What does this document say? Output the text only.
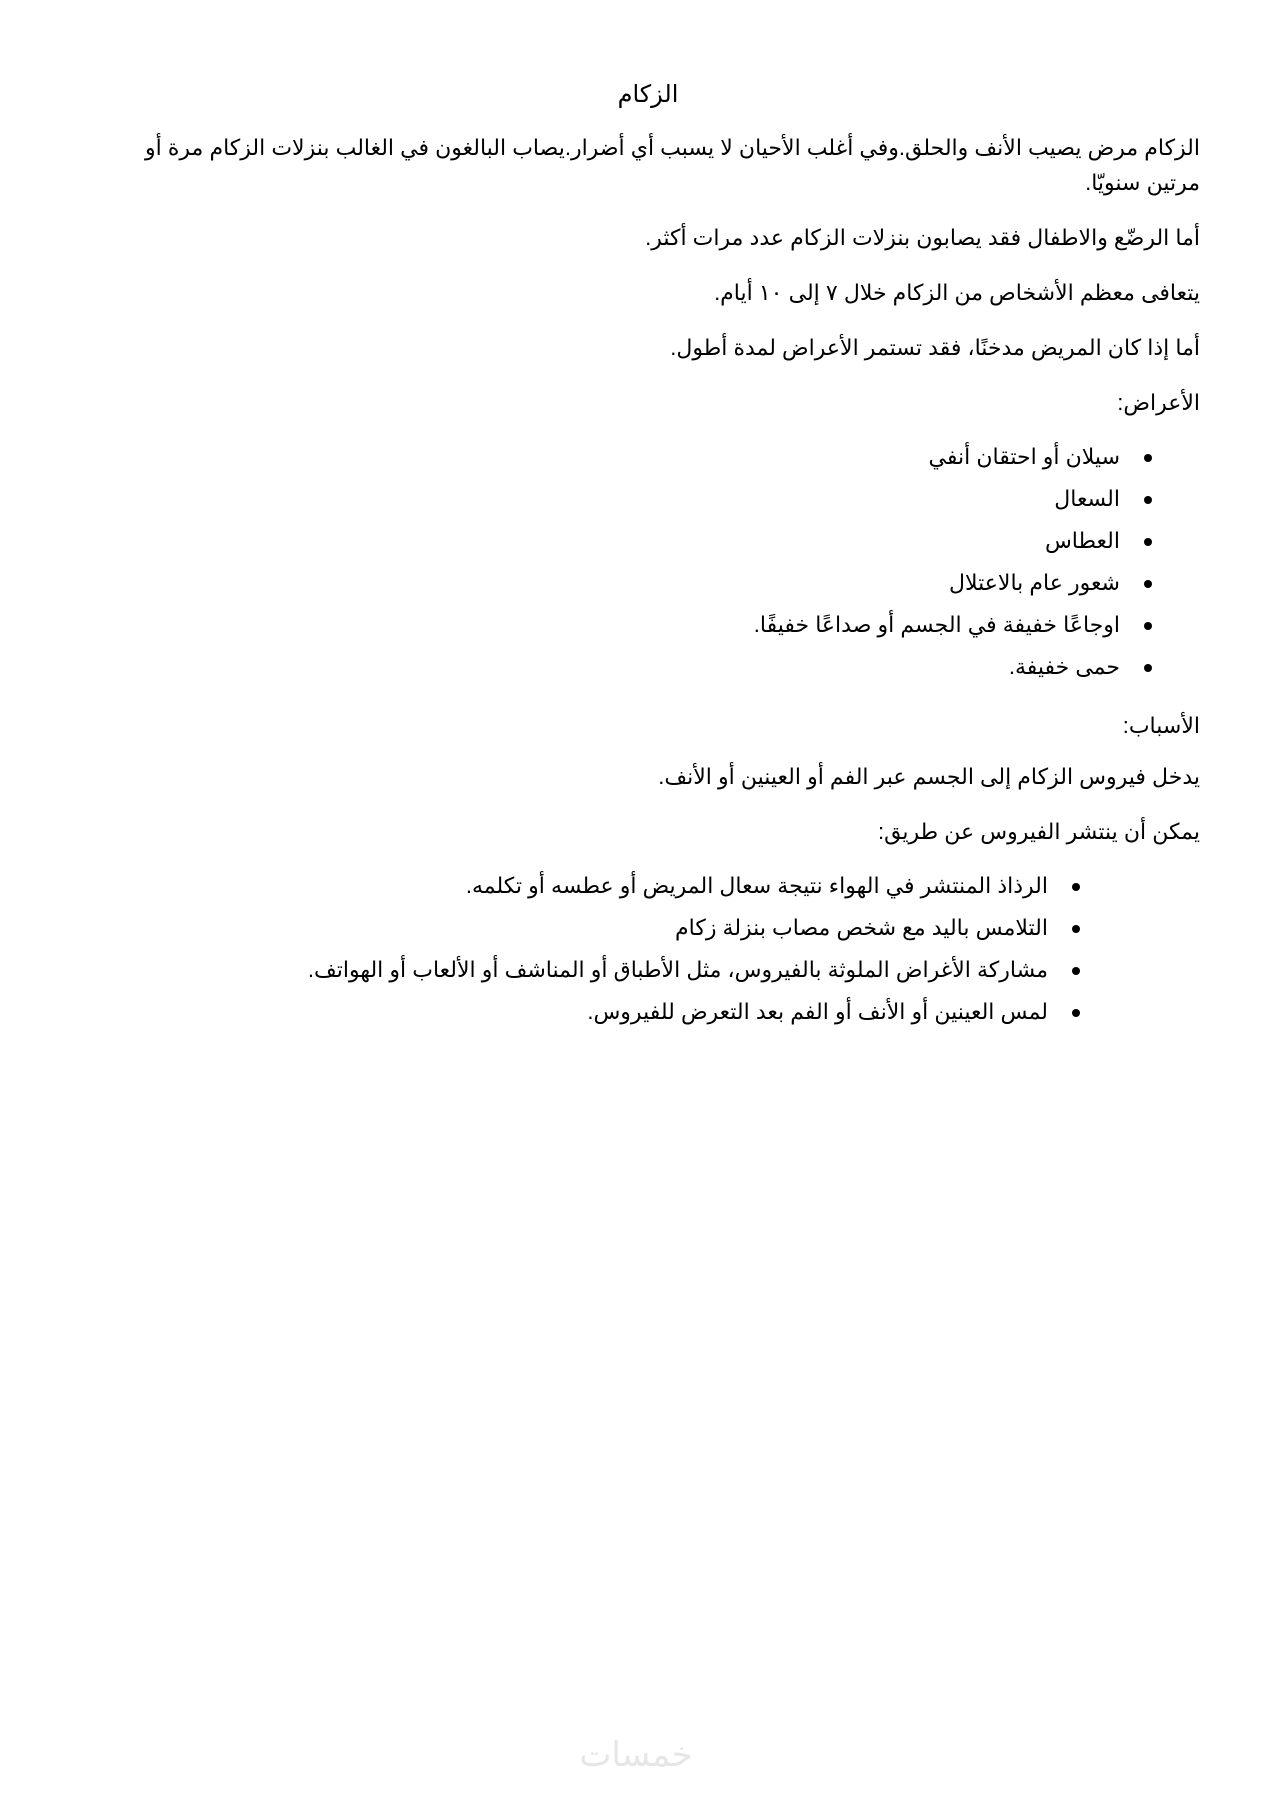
الزكام

الزكام مرض يصيب الأنف والحلق.وفي أغلب الأحيان لا يسبب أي أضرار.يصاب البالغون في الغالب بنزلات الزكام مرة أو مرتين سنويّا.

أما الرضّع والاطفال فقد يصابون بنزلات الزكام عدد مرات أكثر.

يتعافى معظم الأشخاص من الزكام خلال ٧ إلى ١٠ أيام.

أما إذا كان المريض مدخنًا، فقد تستمر الأعراض لمدة أطول.

الأعراض:

سيلان أو احتقان أنفي
السعال
العطاس
شعور عام بالاعتلال
اوجاعًا خفيفة في الجسم أو صداعًا خفيفًا.
حمى خفيفة.

الأسباب:

يدخل فيروس الزكام إلى الجسم عبر الفم أو العينين أو الأنف.

يمكن أن ينتشر الفيروس عن طريق:

الرذاذ المنتشر في الهواء نتيجة سعال المريض أو عطسه أو تكلمه.
التلامس باليد مع شخص مصاب بنزلة زكام
مشاركة الأغراض الملوثة بالفيروس، مثل الأطباق أو المناشف أو الألعاب أو الهواتف.
لمس العينين أو الأنف أو الفم بعد التعرض للفيروس.
خمسات
